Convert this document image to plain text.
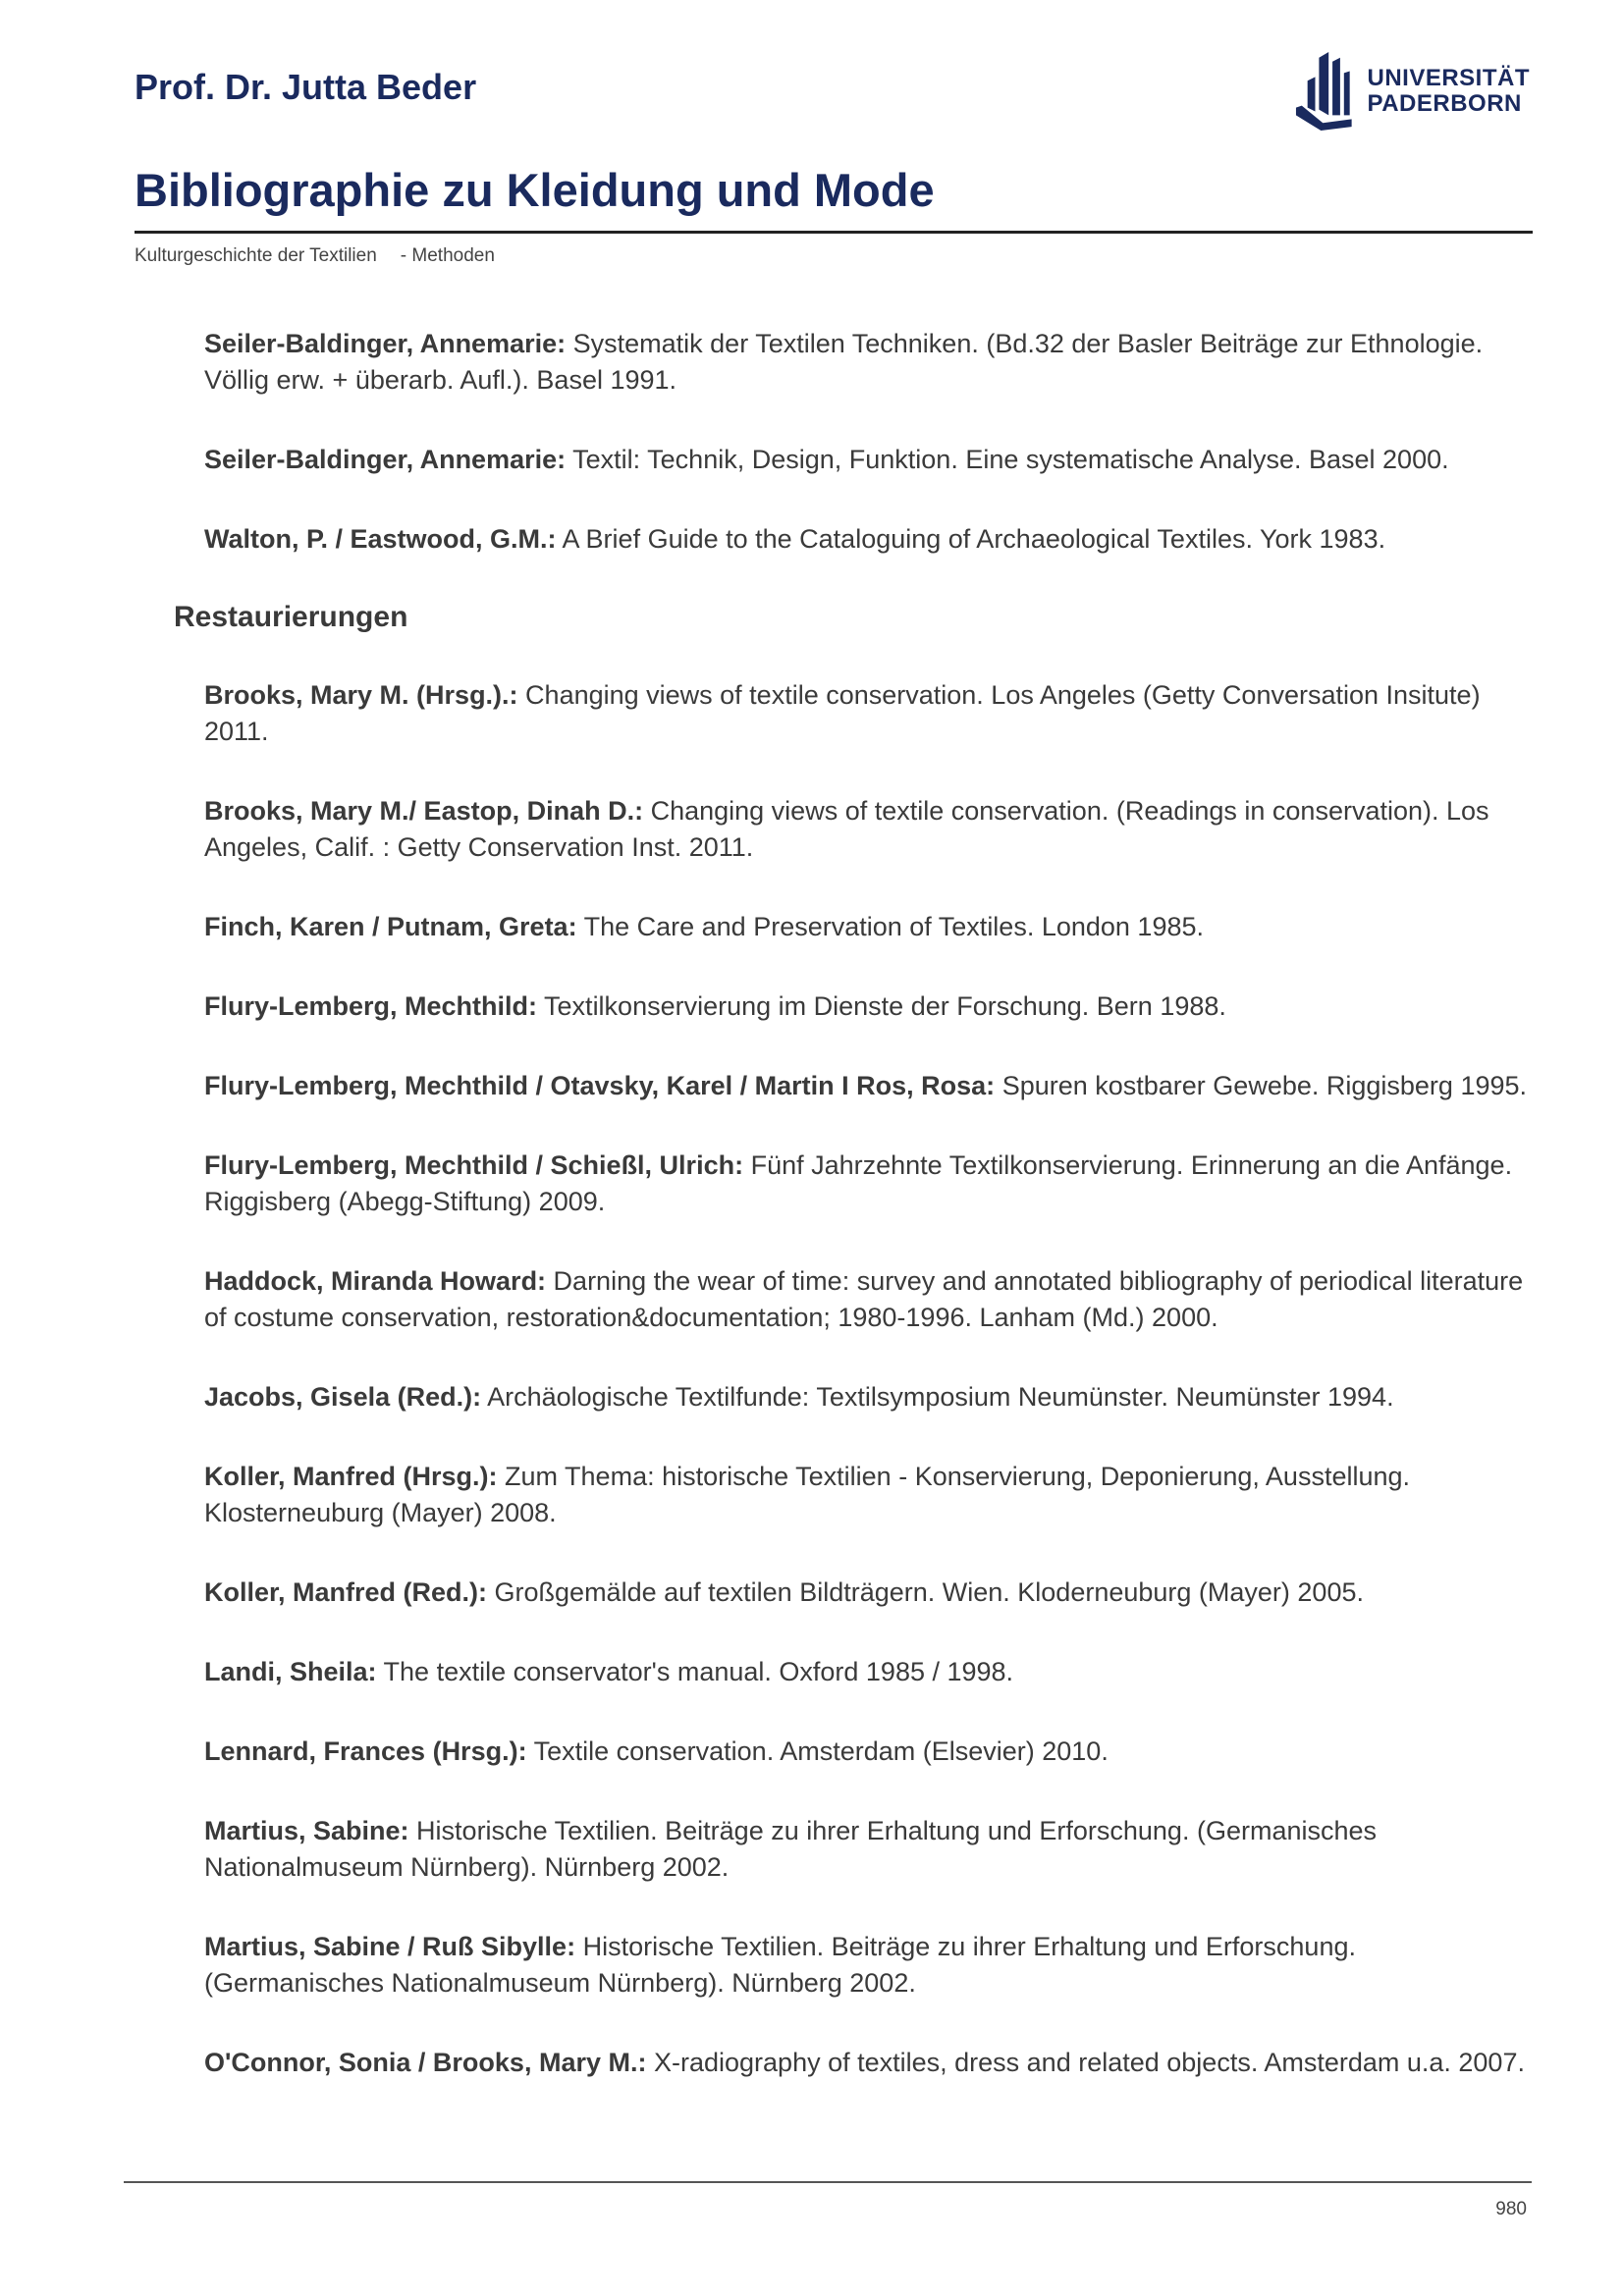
Prof. Dr. Jutta Beder	UNIVERSITÄT
PADERBORN
Bibliographie zu Kleidung und Mode

Kulturgeschichte der Textilien - Methoden

Seiler-Baldinger, Annemarie: Systematik der Textilen Techniken. (Bd.32 der Basler Beiträge zur Ethnologie. Völlig erw. + überarb. Aufl.). Basel 1991.

Seiler-Baldinger, Annemarie: Textil: Technik, Design, Funktion. Eine systematische Analyse. Basel 2000.

Walton, P. / Eastwood, G.M.: A Brief Guide to the Cataloguing of Archaeological Textiles. York 1983.

Restaurierungen

Brooks, Mary M. (Hrsg.).: Changing views of textile conservation. Los Angeles (Getty Conversation Insitute) 2011.

Brooks, Mary M./ Eastop, Dinah D.: Changing views of textile conservation. (Readings in conservation). Los Angeles, Calif. : Getty Conservation Inst. 2011.

Finch, Karen / Putnam, Greta: The Care and Preservation of Textiles. London 1985.

Flury-Lemberg, Mechthild: Textilkonservierung im Dienste der Forschung. Bern 1988.

Flury-Lemberg, Mechthild / Otavsky, Karel / Martin I Ros, Rosa: Spuren kostbarer Gewebe. Riggisberg 1995.

Flury-Lemberg, Mechthild / Schießl, Ulrich: Fünf Jahrzehnte Textilkonservierung. Erinnerung an die Anfänge. Riggisberg (Abegg-Stiftung) 2009.

Haddock, Miranda Howard: Darning the wear of time: survey and annotated bibliography of periodical literature of costume conservation, restoration&documentation; 1980-1996. Lanham (Md.) 2000.

Jacobs, Gisela (Red.): Archäologische Textilfunde: Textilsymposium Neumünster. Neumünster 1994.

Koller, Manfred (Hrsg.): Zum Thema: historische Textilien - Konservierung, Deponierung, Ausstellung. Klosterneuburg (Mayer) 2008.

Koller, Manfred (Red.): Großgemälde auf textilen Bildträgern. Wien. Kloderneuburg (Mayer) 2005.

Landi, Sheila: The textile conservator's manual. Oxford 1985 / 1998.

Lennard, Frances (Hrsg.): Textile conservation. Amsterdam (Elsevier) 2010.

Martius, Sabine: Historische Textilien. Beiträge zu ihrer Erhaltung und Erforschung. (Germanisches Nationalmuseum Nürnberg). Nürnberg 2002.

Martius, Sabine / Ruß Sibylle: Historische Textilien. Beiträge zu ihrer Erhaltung und Erforschung.(Germanisches Nationalmuseum Nürnberg). Nürnberg 2002.

O'Connor, Sonia / Brooks, Mary M.: X-radiography of textiles, dress and related objects. Amsterdam u.a. 2007.

980
